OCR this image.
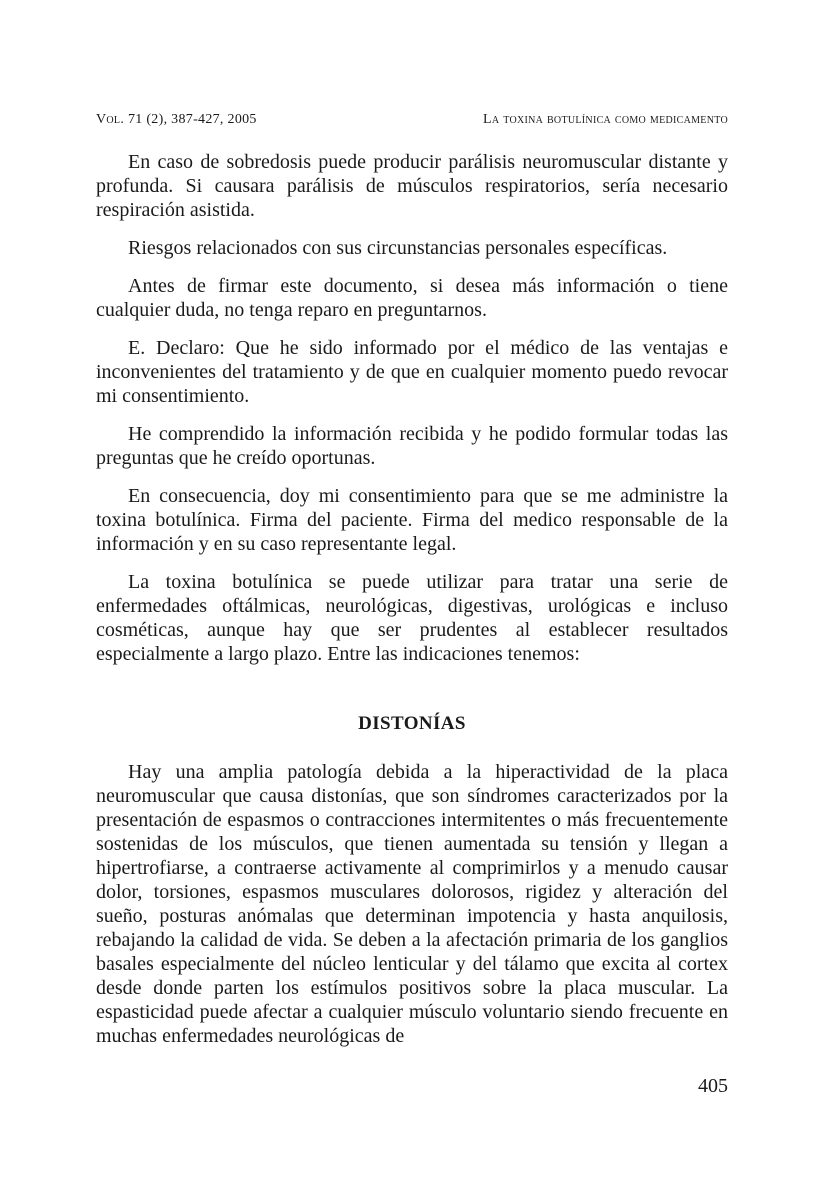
Vol. 71 (2), 387-427, 2005	La toxina botulínica como medicamento

En caso de sobredosis puede producir parálisis neuromuscular distante y profunda. Si causara parálisis de músculos respiratorios, sería necesario respiración asistida.

Riesgos relacionados con sus circunstancias personales específicas.

Antes de firmar este documento, si desea más información o tiene cualquier duda, no tenga reparo en preguntarnos.

E. Declaro: Que he sido informado por el médico de las ventajas e inconvenientes del tratamiento y de que en cualquier momento puedo revocar mi consentimiento.

He comprendido la información recibida y he podido formular todas las preguntas que he creído oportunas.

En consecuencia, doy mi consentimiento para que se me administre la toxina botulínica. Firma del paciente. Firma del medico responsable de la información y en su caso representante legal.

La toxina botulínica se puede utilizar para tratar una serie de enfermedades oftálmicas, neurológicas, digestivas, urológicas e incluso cosméticas, aunque hay que ser prudentes al establecer resultados especialmente a largo plazo. Entre las indicaciones tenemos:

DISTONÍAS

Hay una amplia patología debida a la hiperactividad de la placa neuromuscular que causa distonías, que son síndromes caracterizados por la presentación de espasmos o contracciones intermitentes o más frecuentemente sostenidas de los músculos, que tienen aumentada su tensión y llegan a hipertrofiarse, a contraerse activamente al comprimirlos y a menudo causar dolor, torsiones, espasmos musculares dolorosos, rigidez y alteración del sueño, posturas anómalas que determinan impotencia y hasta anquilosis, rebajando la calidad de vida. Se deben a la afectación primaria de los ganglios basales especialmente del núcleo lenticular y del tálamo que excita al cortex desde donde parten los estímulos positivos sobre la placa muscular. La espasticidad puede afectar a cualquier músculo voluntario siendo frecuente en muchas enfermedades neurológicas de

405
